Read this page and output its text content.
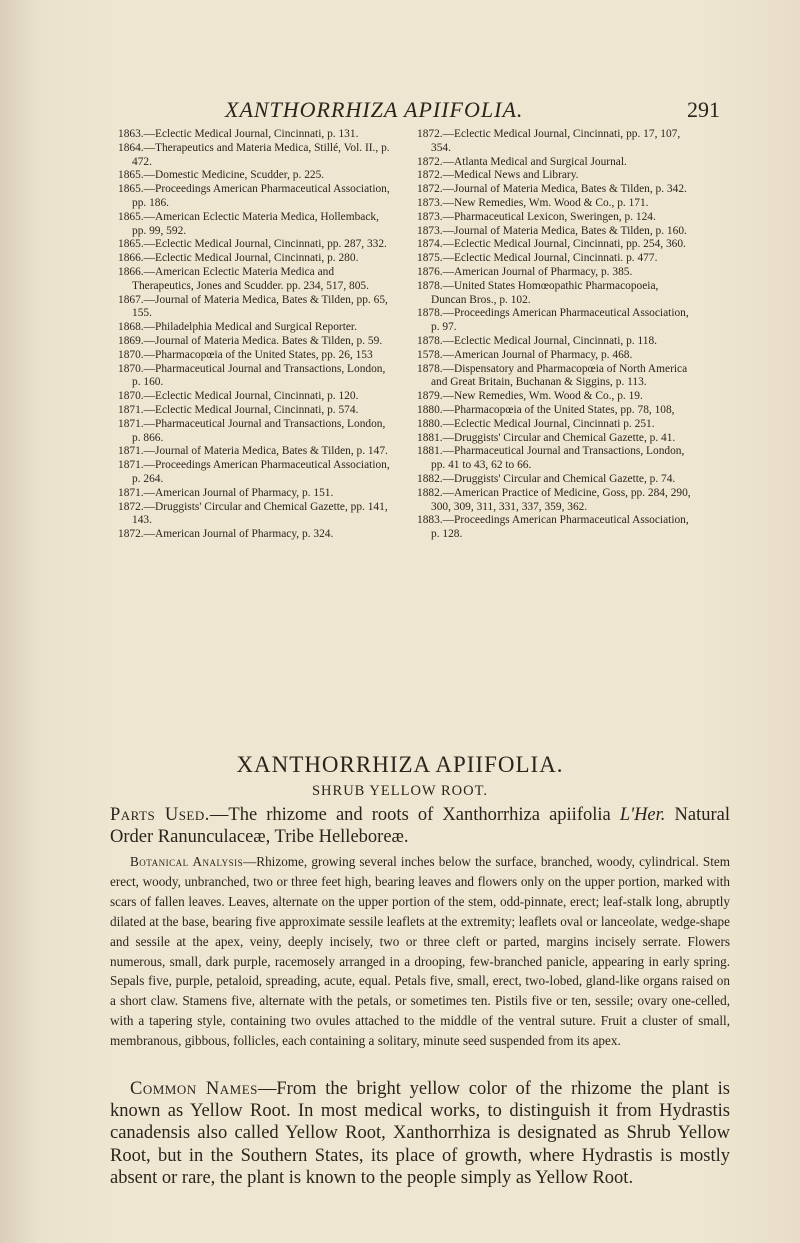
XANTHORRHIZA APIIFOLIA.	291

1863.—Eclectic Medical Journal, Cincinnati, p. 131.

1864.—Therapeutics and Materia Medica, Stillé, Vol. II., p. 472.

1865.—Domestic Medicine, Scudder, p. 225.

1865.—Proceedings American Pharmaceutical Association, pp. 186.

1865.—American Eclectic Materia Medica, Hollemback, pp. 99, 592.

1865.—Eclectic Medical Journal, Cincinnati, pp. 287, 332.

1866.—Eclectic Medical Journal, Cincinnati, p. 280.

1866.—American Eclectic Materia Medica and Therapeutics, Jones and Scudder. pp. 234, 517, 805.

1867.—Journal of Materia Medica, Bates & Tilden, pp. 65, 155.

1868.—Philadelphia Medical and Surgical Reporter.

1869.—Journal of Materia Medica. Bates & Tilden, p. 59.

1870.—Pharmacopœia of the United States, pp. 26, 153

1870.—Pharmaceutical Journal and Transactions, London, p. 160.

1870.—Eclectic Medical Journal, Cincinnati, p. 120.

1871.—Eclectic Medical Journal, Cincinnati, p. 574.

1871.—Pharmaceutical Journal and Transactions, London, p. 866.

1871.—Journal of Materia Medica, Bates & Tilden, p. 147.

1871.—Proceedings American Pharmaceutical Association, p. 264.

1871.—American Journal of Pharmacy, p. 151.

1872.—Druggists' Circular and Chemical Gazette, pp. 141, 143.

1872.—American Journal of Pharmacy, p. 324.

1872.—Eclectic Medical Journal, Cincinnati, pp. 17, 107, 354.

1872.—Atlanta Medical and Surgical Journal.

1872.—Medical News and Library.

1872.—Journal of Materia Medica, Bates & Tilden, p. 342.

1873.—New Remedies, Wm. Wood & Co., p. 171.

1873.—Pharmaceutical Lexicon, Sweringen, p. 124.

1873.—Journal of Materia Medica, Bates & Tilden, p. 160.

1874.—Eclectic Medical Journal, Cincinnati, pp. 254, 360.

1875.—Eclectic Medical Journal, Cincinnati. p. 477.

1876.—American Journal of Pharmacy, p. 385.

1878.—United States Homœopathic Pharmacopoeia, Duncan Bros., p. 102.

1878.—Proceedings American Pharmaceutical Association, p. 97.

1878.—Eclectic Medical Journal, Cincinnati, p. 118.

1578.—American Journal of Pharmacy, p. 468.

1878.—Dispensatory and Pharmacopœia of North America and Great Britain, Buchanan & Siggins, p. 113.

1879.—New Remedies, Wm. Wood & Co., p. 19.

1880.—Pharmacopœia of the United States, pp. 78, 108,

1880.—Eclectic Medical Journal, Cincinnati p. 251.

1881.—Druggists' Circular and Chemical Gazette, p. 41.

1881.—Pharmaceutical Journal and Transactions, London, pp. 41 to 43, 62 to 66.

1882.—Druggists' Circular and Chemical Gazette, p. 74.

1882.—American Practice of Medicine, Goss, pp. 284, 290, 300, 309, 311, 331, 337, 359, 362.

1883.—Proceedings American Pharmaceutical Association, p. 128.

XANTHORRHIZA APIIFOLIA.
SHRUB YELLOW ROOT.

Parts Used.—The rhizome and roots of Xanthorrhiza apiifolia L'Her. Natural Order Ranunculaceæ, Tribe Helleboreæ.

Botanical Analysis—Rhizome, growing several inches below the surface, branched, woody, cylindrical. Stem erect, woody, unbranched, two or three feet high, bearing leaves and flowers only on the upper portion, marked with scars of fallen leaves. Leaves, alternate on the upper portion of the stem, odd-pinnate, erect; leaf-stalk long, abruptly dilated at the base, bearing five approximate sessile leaflets at the extremity; leaflets oval or lanceolate, wedge-shape and sessile at the apex, veiny, deeply incisely, two or three cleft or parted, margins incisely serrate. Flowers numerous, small, dark purple, racemosely arranged in a drooping, few-branched panicle, appearing in early spring. Sepals five, purple, petaloid, spreading, acute, equal. Petals five, small, erect, two-lobed, gland-like organs raised on a short claw. Stamens five, alternate with the petals, or sometimes ten. Pistils five or ten, sessile; ovary one-celled, with a tapering style, containing two ovules attached to the middle of the ventral suture. Fruit a cluster of small, membranous, gibbous, follicles, each containing a solitary, minute seed suspended from its apex.

Common Names—From the bright yellow color of the rhizome the plant is known as Yellow Root. In most medical works, to distinguish it from Hydrastis canadensis also called Yellow Root, Xanthorrhiza is designated as Shrub Yellow Root, but in the Southern States, its place of growth, where Hydrastis is mostly absent or rare, the plant is known to the people simply as Yellow Root.
